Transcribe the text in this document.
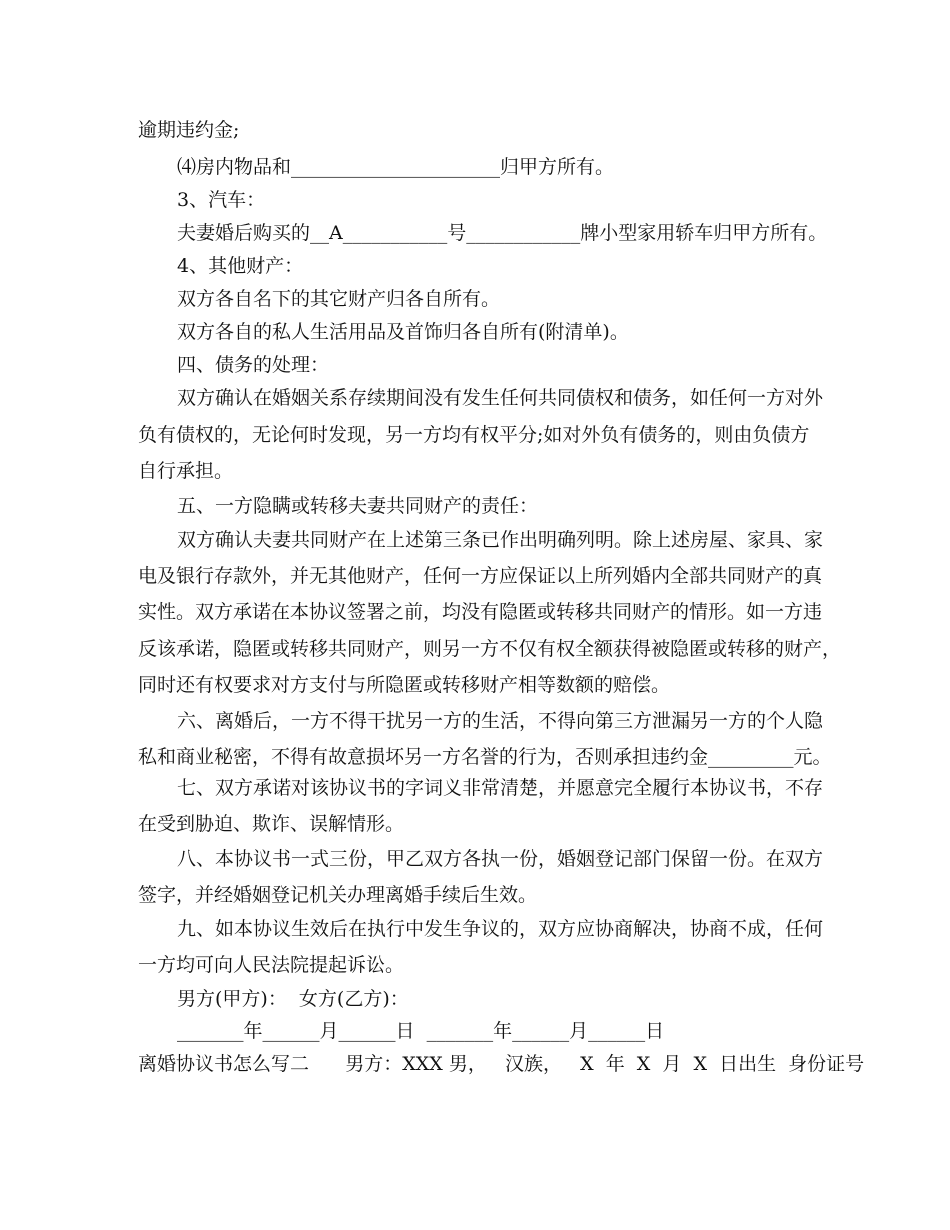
逾期违约金;
⑷房内物品和______________________归甲方所有。
3、汽车：
夫妻婚后购买的__A___________号____________牌小型家用轿车归甲方所有。
4、其他财产：
双方各自名下的其它财产归各自所有。
双方各自的私人生活用品及首饰归各自所有(附清单)。
四、债务的处理：
双方确认在婚姻关系存续期间没有发生任何共同债权和债务，如任何一方对外
负有债权的，无论何时发现，另一方均有权平分;如对外负有债务的，则由负债方
自行承担。
五、一方隐瞒或转移夫妻共同财产的责任：
双方确认夫妻共同财产在上述第三条已作出明确列明。除上述房屋、家具、家
电及银行存款外，并无其他财产，任何一方应保证以上所列婚内全部共同财产的真
实性。双方承诺在本协议签署之前，均没有隐匿或转移共同财产的情形。如一方违
反该承诺，隐匿或转移共同财产，则另一方不仅有权全额获得被隐匿或转移的财产，
同时还有权要求对方支付与所隐匿或转移财产相等数额的赔偿。
六、离婚后，一方不得干扰另一方的生活，不得向第三方泄漏另一方的个人隐
私和商业秘密，不得有故意损坏另一方名誉的行为，否则承担违约金_________元。
七、双方承诺对该协议书的字词义非常清楚，并愿意完全履行本协议书，不存
在受到胁迫、欺诈、误解情形。
八、本协议书一式三份，甲乙双方各执一份，婚姻登记部门保留一份。在双方
签字，并经婚姻登记机关办理离婚手续后生效。
九、如本协议生效后在执行中发生争议的，双方应协商解决，协商不成，任何
一方均可向人民法院提起诉讼。
男方(甲方)：  女方(乙方)：
_______年______月______日  _______年______月______日
离婚协议书怎么写二      男方：XXX 男，   汉族，   X  年  X  月  X  日出生  身份证号
